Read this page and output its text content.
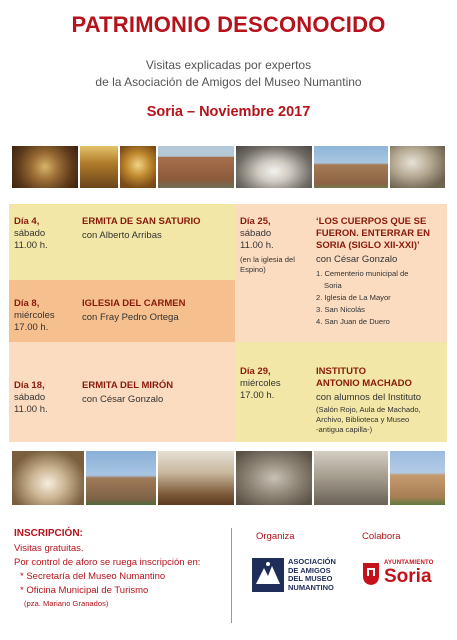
PATRIMONIO DESCONOCIDO
Visitas explicadas por expertos
de la Asociación de Amigos del Museo Numantino
Soria – Noviembre 2017
Día 4,
sábado
11.00 h.
ERMITA DE SAN SATURIO
con Alberto Arribas
Día 8,
miércoles
17.00 h.
IGLESIA DEL CARMEN
con Fray Pedro Ortega
Día 18,
sábado
11.00 h.
ERMITA DEL MIRÓN
con César Gonzalo
Día 25,
sábado
11.00 h.
(en la iglesia del Espino)
‘LOS CUERPOS QUE SE
FUERON. ENTERRAR EN
SORIA (SIGLO XII-XXI)’
con César Gonzalo
1. Cementerio municipal de
Soria
2. Iglesia de La Mayor
3. San Nicolás
4. San Juan de Duero
Día 29,
miércoles
17.00 h.
INSTITUTO
ANTONIO MACHADO
con alumnos del Instituto
(Salón Rojo, Aula de Machado,
Archivo, Biblioteca y Museo
-antigua capilla-)
INSCRIPCIÓN:
Visitas gratuitas.
Por control de aforo se ruega inscripción en:
* Secretaría del Museo Numantino
* Oficina Municipal de Turismo
(pza. Mariano Granados)
Organiza
ASOCIACIÓN
DE AMIGOS
DEL MUSEO
NUMANTINO
Colabora
AYUNTAMIENTO
Soria
